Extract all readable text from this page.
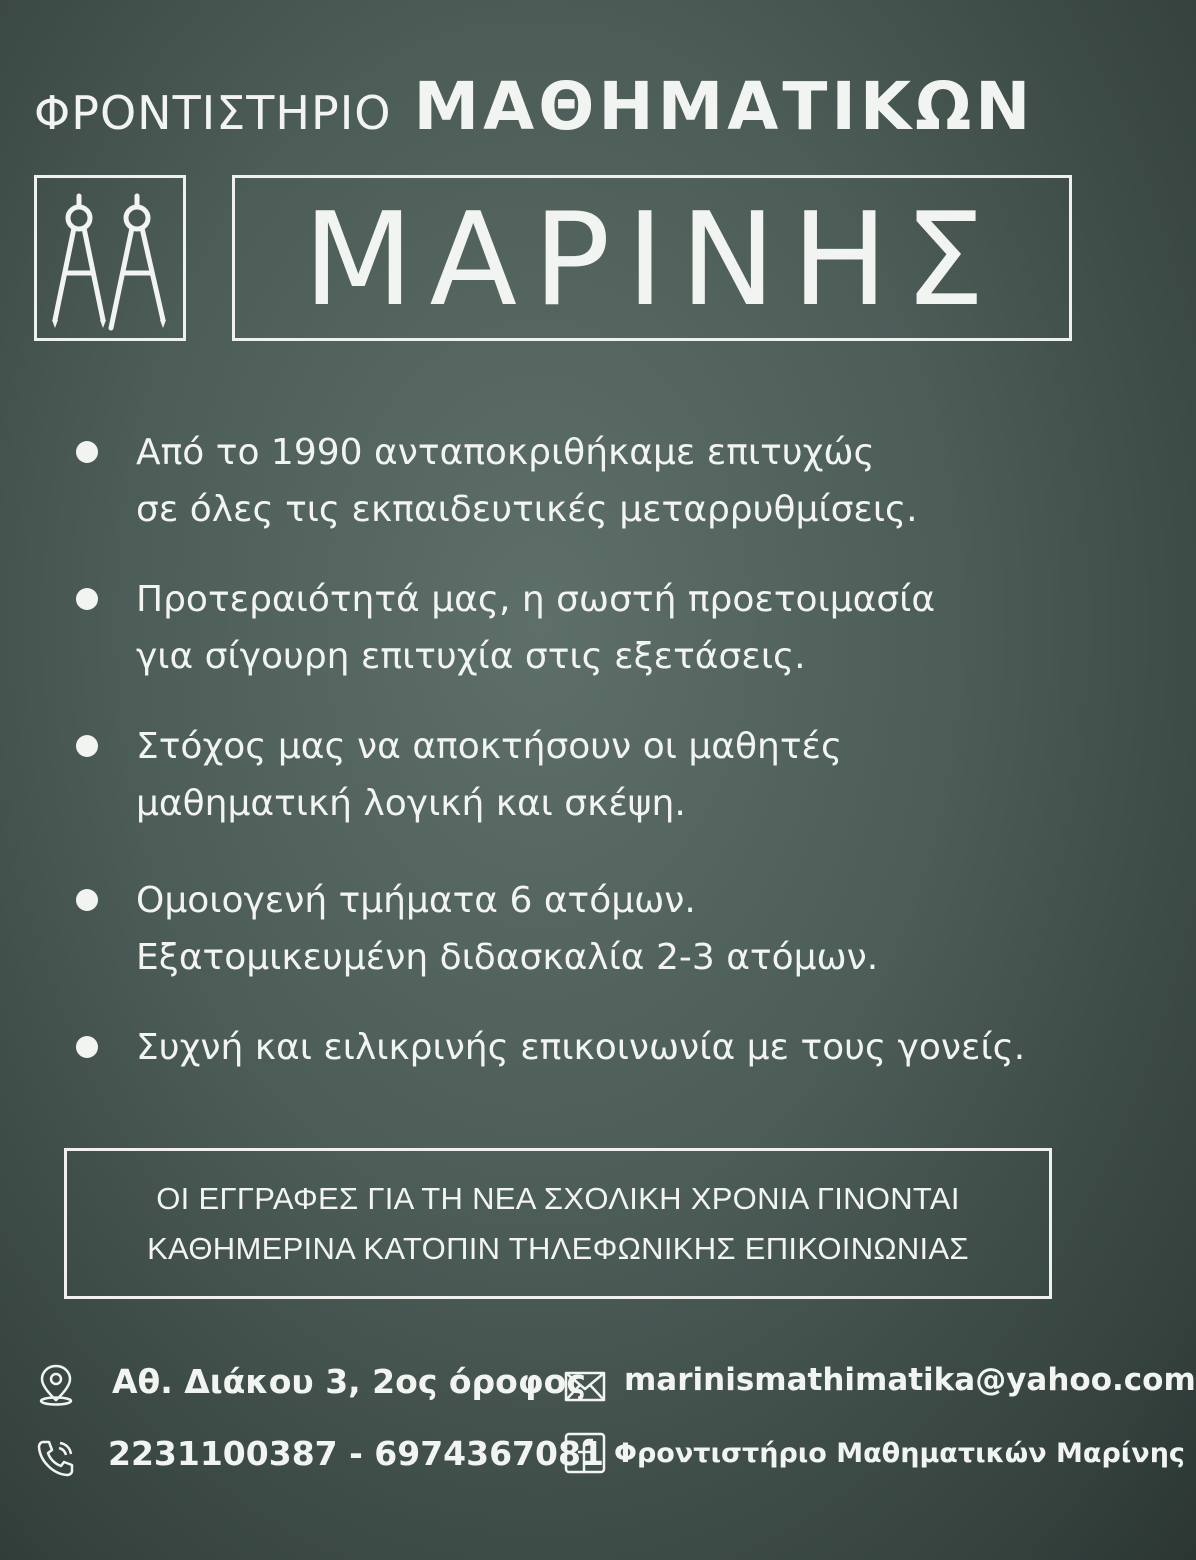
ΦΡΟΝΤΙΣΤΗΡΙΟ ΜΑΘΗΜΑΤΙΚΩΝ
ΜΑΡΙΝΗΣ
Από το 1990 ανταποκριθήκαμε επιτυχώς
σε όλες τις εκπαιδευτικές μεταρρυθμίσεις.
Προτεραιότητά μας, η σωστή προετοιμασία
για σίγουρη επιτυχία στις εξετάσεις.
Στόχος μας να αποκτήσουν οι μαθητές
μαθηματική λογική και σκέψη.
Ομοιογενή τμήματα 6 ατόμων.
Εξατομικευμένη διδασκαλία 2-3 ατόμων.
Συχνή και ειλικρινής επικοινωνία με τους γονείς.
ΟΙ ΕΓΓΡΑΦΕΣ ΓΙΑ ΤΗ ΝΕΑ ΣΧΟΛΙΚΗ ΧΡΟΝΙΑ ΓΙΝΟΝΤΑΙ
ΚΑΘΗΜΕΡΙΝΑ ΚΑΤΟΠΙΝ ΤΗΛΕΦΩΝΙΚΗΣ ΕΠΙΚΟΙΝΩΝΙΑΣ
Αθ. Διάκου 3, 2ος όροφος
2231100387 - 6974367081
marinismathimatika@yahoo.com
Φροντιστήριο Μαθηματικών Μαρίνης
